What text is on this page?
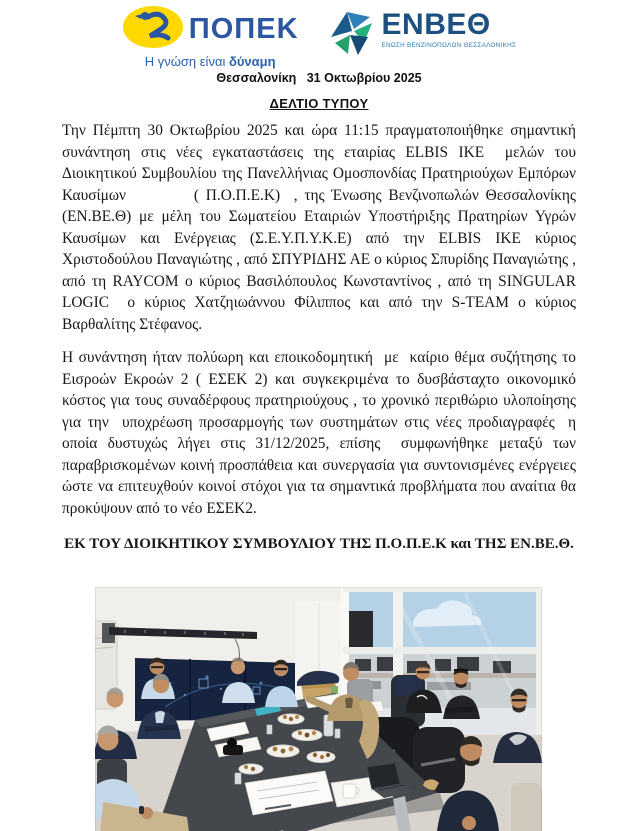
ΠΟΠΕΚ
Η γνώση είναι δύναμη
ΕΝΒΕΘ
ΕΝΩΣΗ ΒΕΝΖΙΝΟΠΩΛΩΝ ΘΕΣΣΑΛΟΝΙΚΗΣ
Θεσσαλονίκη   31 Οκτωβρίου 2025
ΔΕΛΤΙΟ ΤΥΠΟΥ

Την Πέμπτη 30 Οκτωβρίου 2025 και ώρα 11:15 πραγματοποιήθηκε σημαντική συνάντηση στις νέες εγκαταστάσεις της εταιρίας ELBIS ΙΚΕ  μελών του Διοικητικού Συμβουλίου της Πανελλήνιας Ομοσπονδίας Πρατηριούχων Εμπόρων Καυσίμων          ( Π.Ο.Π.Ε.Κ)  , της Ένωσης Βενζινοπωλών Θεσσαλονίκης (ΕΝ.ΒΕ.Θ) με μέλη του Σωματείου Εταιριών Υποστήριξης Πρατηρίων Υγρών Καυσίμων και Ενέργειας (Σ.Ε.Υ.Π.Υ.Κ.Ε) από την ELBIS ΙΚΕ κύριος Χριστοδούλου Παναγιώτης , από ΣΠΥΡΙΔΗΣ ΑΕ ο κύριος Σπυρίδης Παναγιώτης , από τη RAYCOM ο κύριος Βασιλόπουλος Κωνσταντίνος , από τη SINGULAR LOGIC  ο κύριος Χατζηιωάννου Φίλιππος και από την S-TEAM ο κύριος Βαρθαλίτης Στέφανος.

Η συνάντηση ήταν πολύωρη και εποικοδομητική  με  καίριο θέμα συζήτησης το Εισροών Εκροών 2 ( ΕΣΕΚ 2) και συγκεκριμένα το δυσβάσταχτο οικονομικό κόστος για τους συναδέρφους πρατηριούχους , το χρονικό περιθώριο υλοποίησης για την  υποχρέωση προσαρμογής των συστημάτων στις νέες προδιαγραφές  η οποία δυστυχώς λήγει στις 31/12/2025, επίσης  συμφωνήθηκε μεταξύ των παραβρισκομένων κοινή προσπάθεια και συνεργασία για συντονισμένες ενέργειες ώστε να επιτευχθούν κοινοί στόχοι για τα σημαντικά προβλήματα που αναίτια θα προκύψουν από το νέο ΕΣΕΚ2.

ΕΚ ΤΟΥ ΔΙΟΙΚΗΤΙΚΟΥ ΣΥΜΒΟΥΛΙΟΥ ΤΗΣ Π.Ο.Π.Ε.Κ και ΤΗΣ ΕΝ.ΒΕ.Θ.
